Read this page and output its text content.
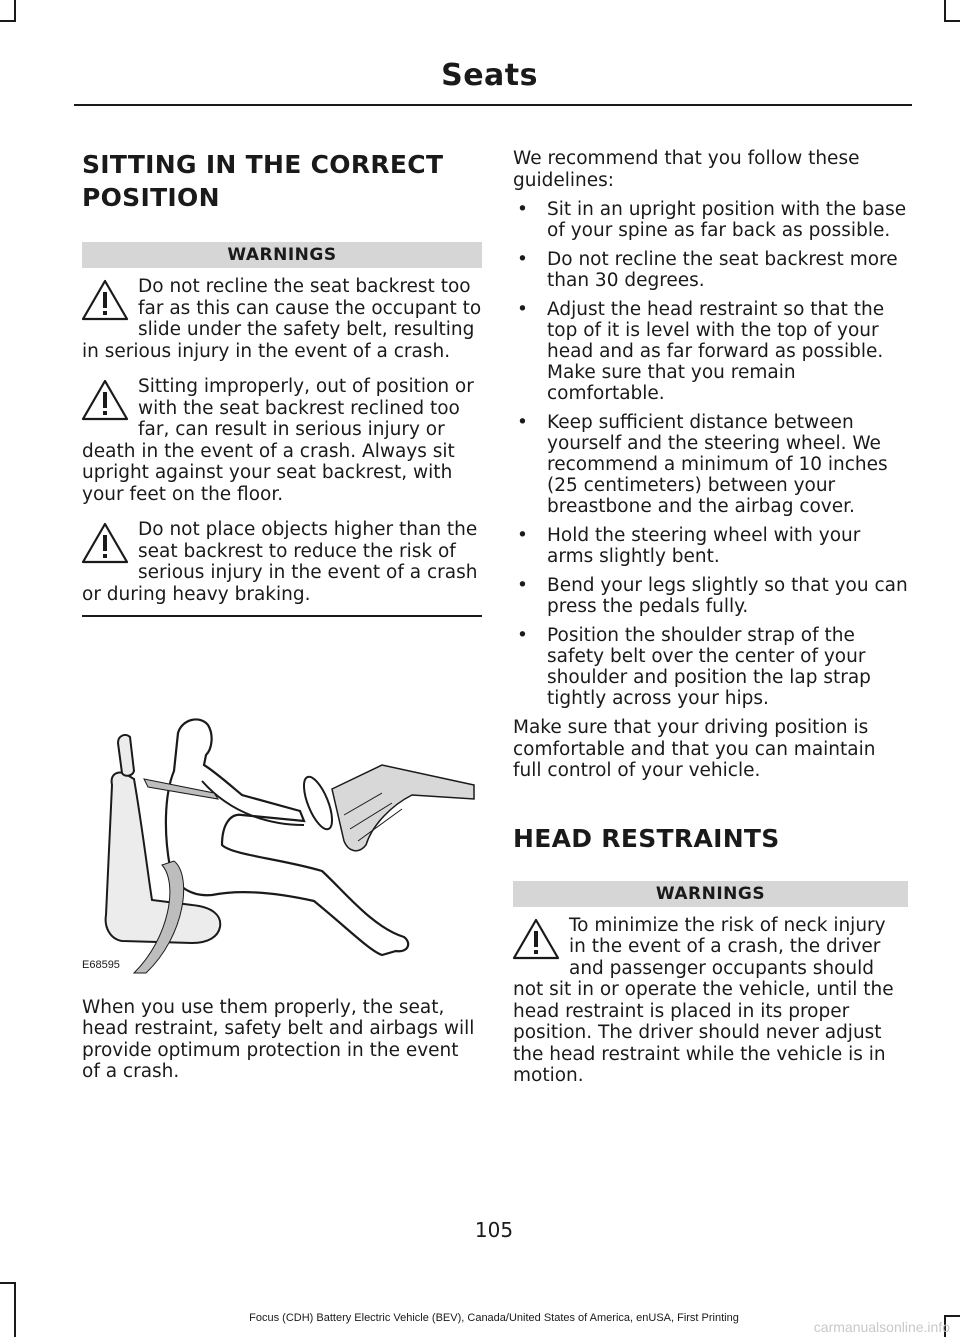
Seats
SITTING IN THE CORRECT
POSITION
WARNINGS

Do not recline the seat backrest too far as this can cause the occupant to slide under the safety belt, resulting in serious injury in the event of a crash.

Sitting improperly, out of position or with the seat backrest reclined too far, can result in serious injury or death in the event of a crash. Always sit upright against your seat backrest, with your feet on the floor.

Do not place objects higher than the seat backrest to reduce the risk of serious injury in the event of a crash or during heavy braking.

E68595

When you use them properly, the seat, head restraint, safety belt and airbags will provide optimum protection in the event of a crash.

We recommend that you follow these guidelines:

• Sit in an upright position with the base of your spine as far back as possible.
• Do not recline the seat backrest more than 30 degrees.
• Adjust the head restraint so that the top of it is level with the top of your head and as far forward as possible. Make sure that you remain comfortable.
• Keep sufficient distance between yourself and the steering wheel. We recommend a minimum of 10 inches (25 centimeters) between your breastbone and the airbag cover.
• Hold the steering wheel with your arms slightly bent.
• Bend your legs slightly so that you can press the pedals fully.
• Position the shoulder strap of the safety belt over the center of your shoulder and position the lap strap tightly across your hips.

Make sure that your driving position is comfortable and that you can maintain full control of your vehicle.

HEAD RESTRAINTS
WARNINGS

To minimize the risk of neck injury in the event of a crash, the driver and passenger occupants should not sit in or operate the vehicle, until the head restraint is placed in its proper position. The driver should never adjust the head restraint while the vehicle is in motion.

105
Focus (CDH) Battery Electric Vehicle (BEV), Canada/United States of America, enUSA, First Printing
carmanualsonline.info
